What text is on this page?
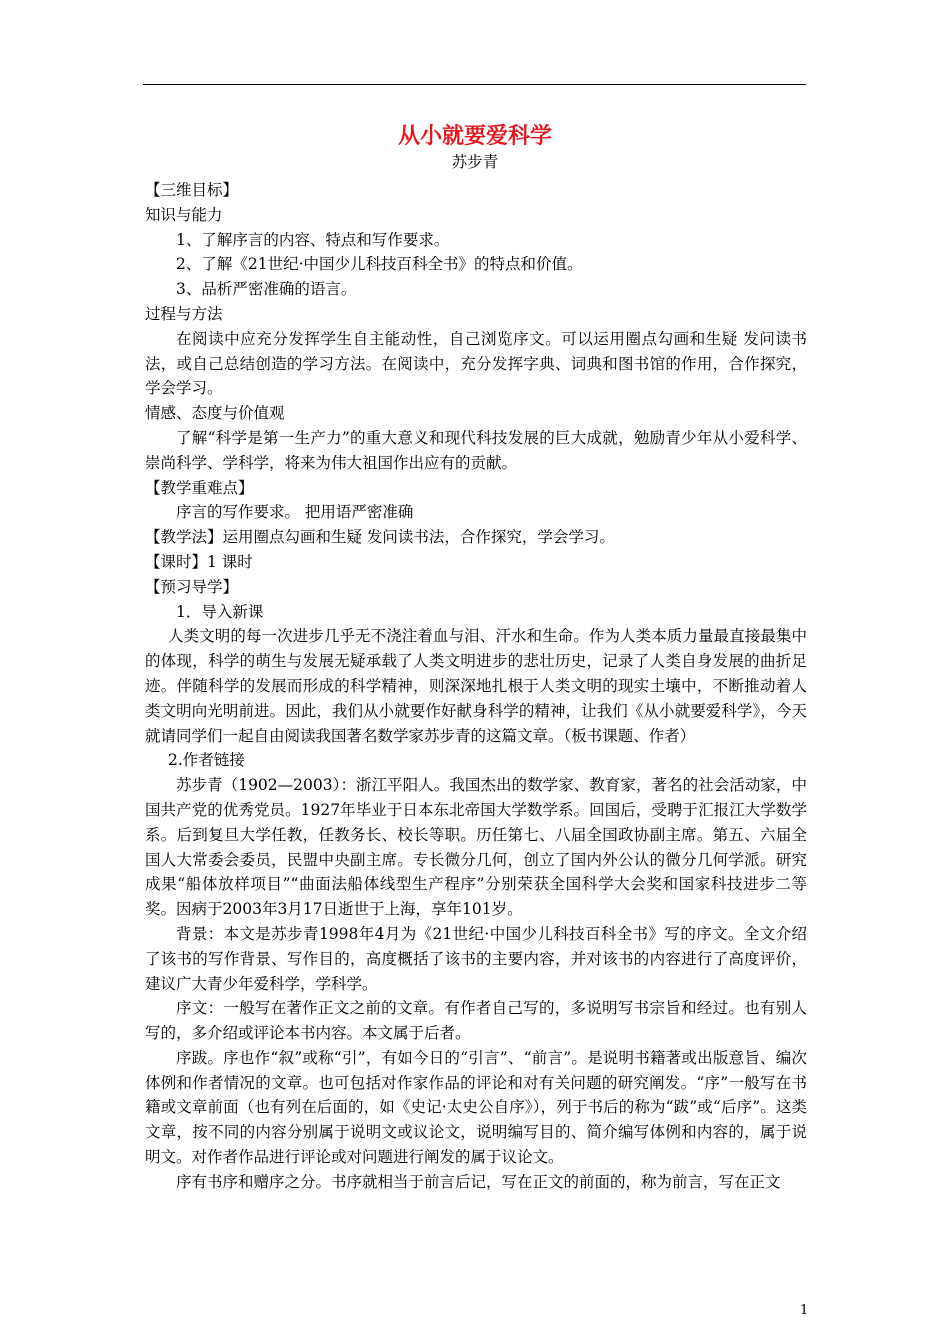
从小就要爱科学
苏步青

【三维目标】

知识与能力

1、了解序言的内容、特点和写作要求。

2、了解《21世纪·中国少儿科技百科全书》的特点和价值。

3、品析严密准确的语言。

过程与方法

在阅读中应充分发挥学生自主能动性，自己浏览序文。可以运用圈点勾画和生疑 发问读书法，或自己总结创造的学习方法。在阅读中，充分发挥字典、词典和图书馆的作用，合作探究，学会学习。

情感、态度与价值观

了解“科学是第一生产力”的重大意义和现代科技发展的巨大成就，勉励青少年从小爱科学、崇尚科学、学科学，将来为伟大祖国作出应有的贡献。

【教学重难点】

序言的写作要求。 把用语严密准确

【教学法】运用圈点勾画和生疑 发问读书法，合作探究，学会学习。

【课时】1 课时

【预习导学】

1．导入新课

人类文明的每一次进步几乎无不浇注着血与泪、汗水和生命。作为人类本质力量最直接最集中的体现，科学的萌生与发展无疑承载了人类文明进步的悲壮历史，记录了人类自身发展的曲折足迹。伴随科学的发展而形成的科学精神，则深深地扎根于人类文明的现实土壤中，不断推动着人类文明向光明前进。因此，我们从小就要作好献身科学的精神，让我们《从小就要爱科学》，今天就请同学们一起自由阅读我国著名数学家苏步青的这篇文章。（板书课题、作者）

2.作者链接

苏步青（1902—2003）：浙江平阳人。我国杰出的数学家、教育家，著名的社会活动家，中国共产党的优秀党员。1927年毕业于日本东北帝国大学数学系。回国后，受聘于汇报江大学数学系。后到复旦大学任教，任教务长、校长等职。历任第七、八届全国政协副主席。第五、六届全国人大常委会委员，民盟中央副主席。专长微分几何，创立了国内外公认的微分几何学派。研究成果“船体放样项目”“曲面法船体线型生产程序”分别荣获全国科学大会奖和国家科技进步二等奖。因病于2003年3月17日逝世于上海，享年101岁。

背景：本文是苏步青1998年4月为《21世纪·中国少儿科技百科全书》写的序文。全文介绍了该书的写作背景、写作目的，高度概括了该书的主要内容，并对该书的内容进行了高度评价，建议广大青少年爱科学，学科学。

序文：一般写在著作正文之前的文章。有作者自己写的，多说明写书宗旨和经过。也有别人写的，多介绍或评论本书内容。本文属于后者。

序跋。序也作“叙”或称“引”，有如今日的“引言”、“前言”。是说明书籍著或出版意旨、编次体例和作者情况的文章。也可包括对作家作品的评论和对有关问题的研究阐发。“序”一般写在书籍或文章前面（也有列在后面的，如《史记·太史公自序》），列于书后的称为“跋”或“后序”。这类文章，按不同的内容分别属于说明文或议论文，说明编写目的、简介编写体例和内容的，属于说明文。对作者作品进行评论或对问题进行阐发的属于议论文。

序有书序和赠序之分。书序就相当于前言后记，写在正文的前面的，称为前言，写在正文

1
